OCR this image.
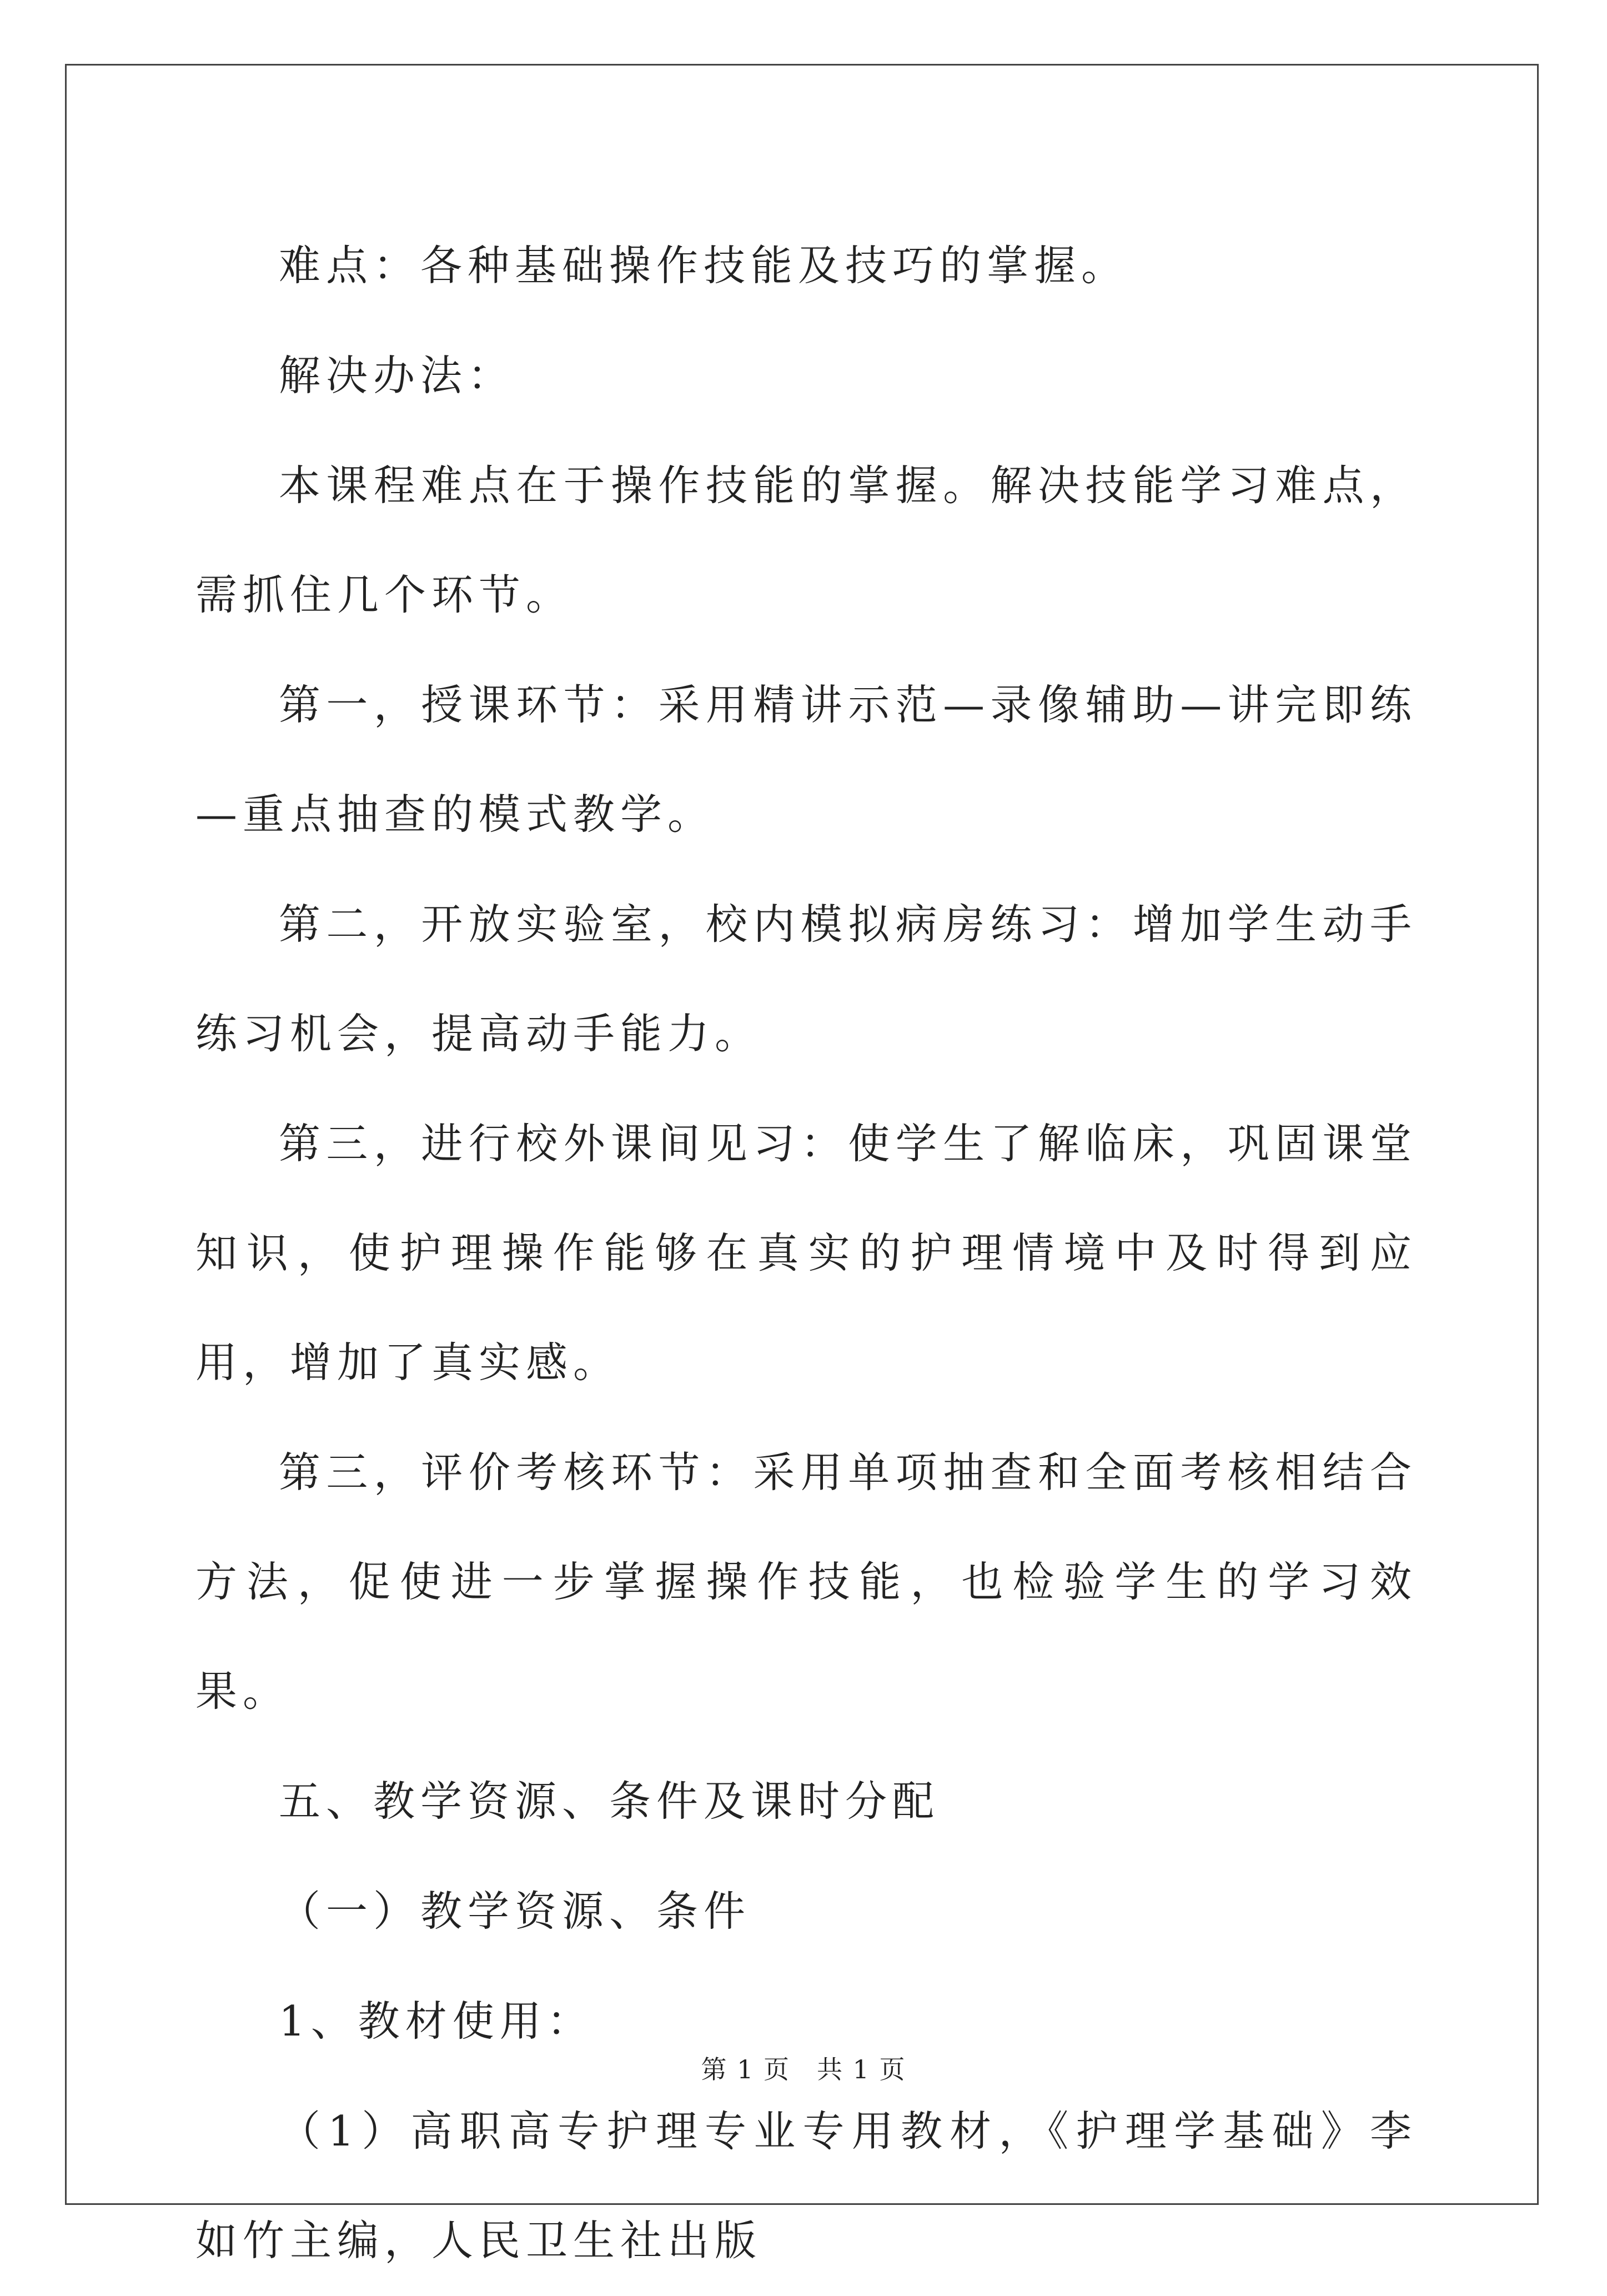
难点：各种基础操作技能及技巧的掌握。

解决办法：

本课程难点在于操作技能的掌握。解决技能学习难点，需抓住几个环节。

第一，授课环节：采用精讲示范—录像辅助—讲完即练—重点抽查的模式教学。

第二，开放实验室，校内模拟病房练习：增加学生动手练习机会，提高动手能力。

第三，进行校外课间见习：使学生了解临床，巩固课堂知识，使护理操作能够在真实的护理情境中及时得到应用，增加了真实感。

第三，评价考核环节：采用单项抽查和全面考核相结合方法，促使进一步掌握操作技能，也检验学生的学习效果。

五、教学资源、条件及课时分配

（一）教学资源、条件

1、教材使用：

（1）高职高专护理专业专用教材，《护理学基础》李如竹主编，人民卫生社出版

第 1 页　共 1 页
